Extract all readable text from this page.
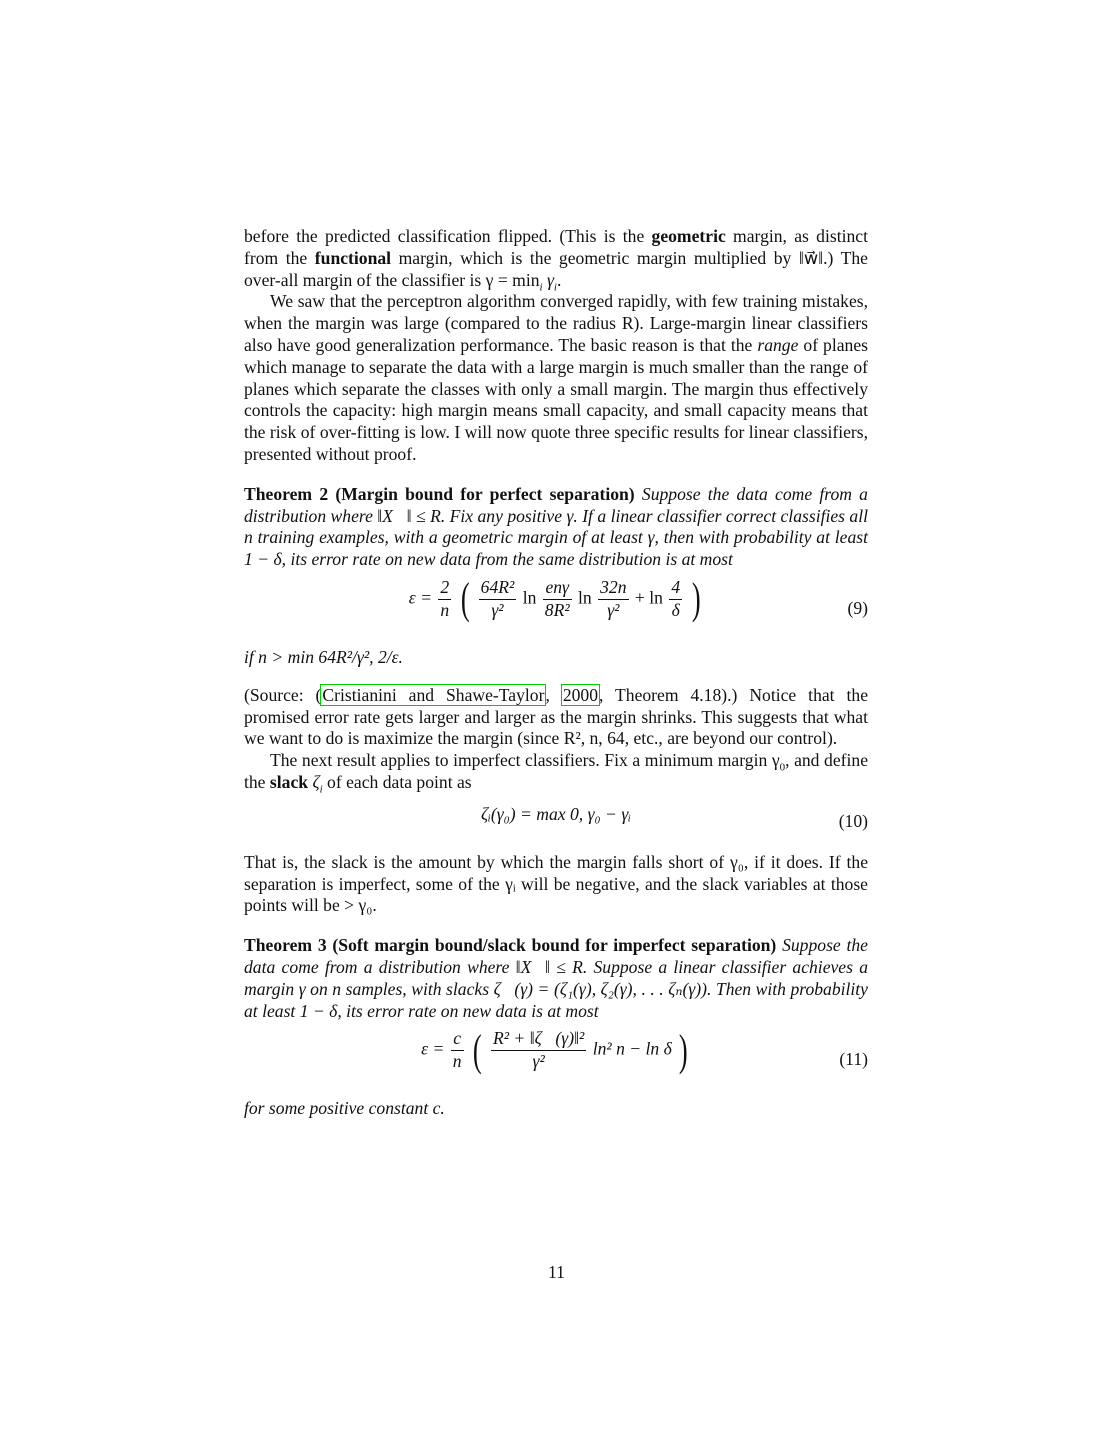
before the predicted classification flipped. (This is the geometric margin, as distinct from the functional margin, which is the geometric margin multiplied by ‖w⃗‖.) The over-all margin of the classifier is $\gamma = \min_i \gamma_i$.

We saw that the perceptron algorithm converged rapidly, with few training mistakes, when the margin was large (compared to the radius R). Large-margin linear classifiers also have good generalization performance. The basic reason is that the range of planes which manage to separate the data with a large margin is much smaller than the range of planes which separate the classes with only a small margin. The margin thus effectively controls the capacity: high margin means small capacity, and small capacity means that the risk of over-fitting is low. I will now quote three specific results for linear classifiers, presented without proof.

Theorem 2 (Margin bound for perfect separation) Suppose the data come from a distribution where ‖X⃗‖ ≤ R. Fix any positive γ. If a linear classifier correct classifies all n training examples, with a geometric margin of at least γ, then with probability at least 1 − δ, its error rate on new data from the same distribution is at most

$\varepsilon = \frac{2}{n}$ ( $\frac{\text{64R²}}{\text{γ²}}$ $\ln \frac{\text{enγ}}{\text{8R²}}$ $\ln \frac{32n}{\text{γ²}} + \ln \frac{4}{\delta}$ )	(9)

if n > min 64R²/γ², 2/ε.

(Source: (Cristianini and Shawe-Taylor, 2000, Theorem 4.18).) Notice that the promised error rate gets larger and larger as the margin shrinks. This suggests that what we want to do is maximize the margin (since R², n, 64, etc., are beyond our control).

The next result applies to imperfect classifiers. Fix a minimum margin $\gamma_0$, and define the slack $\zeta_i$ of each data point as

ζᵢ(γ₀) = max 0, γ₀ − γᵢ	(10)

That is, the slack is the amount by which the margin falls short of γ₀, if it does. If the separation is imperfect, some of the γᵢ will be negative, and the slack variables at those points will be > γ₀.

Theorem 3 (Soft margin bound/slack bound for imperfect separation) Suppose the data come from a distribution where ‖X⃗‖ ≤ R. Suppose a linear classifier achieves a margin γ on n samples, with slacks ζ⃗(γ) = (ζ₁(γ), ζ₂(γ), . . . ζₙ(γ)). Then with probability at least 1 − δ, its error rate on new data is at most

$\varepsilon = \frac{c}{n}$ ( $\frac{\text{R² + ‖ζ⃗(γ)‖²}}{\text{γ²}} \ln^2$ n − ln δ )	(11)

for some positive constant c.

11
